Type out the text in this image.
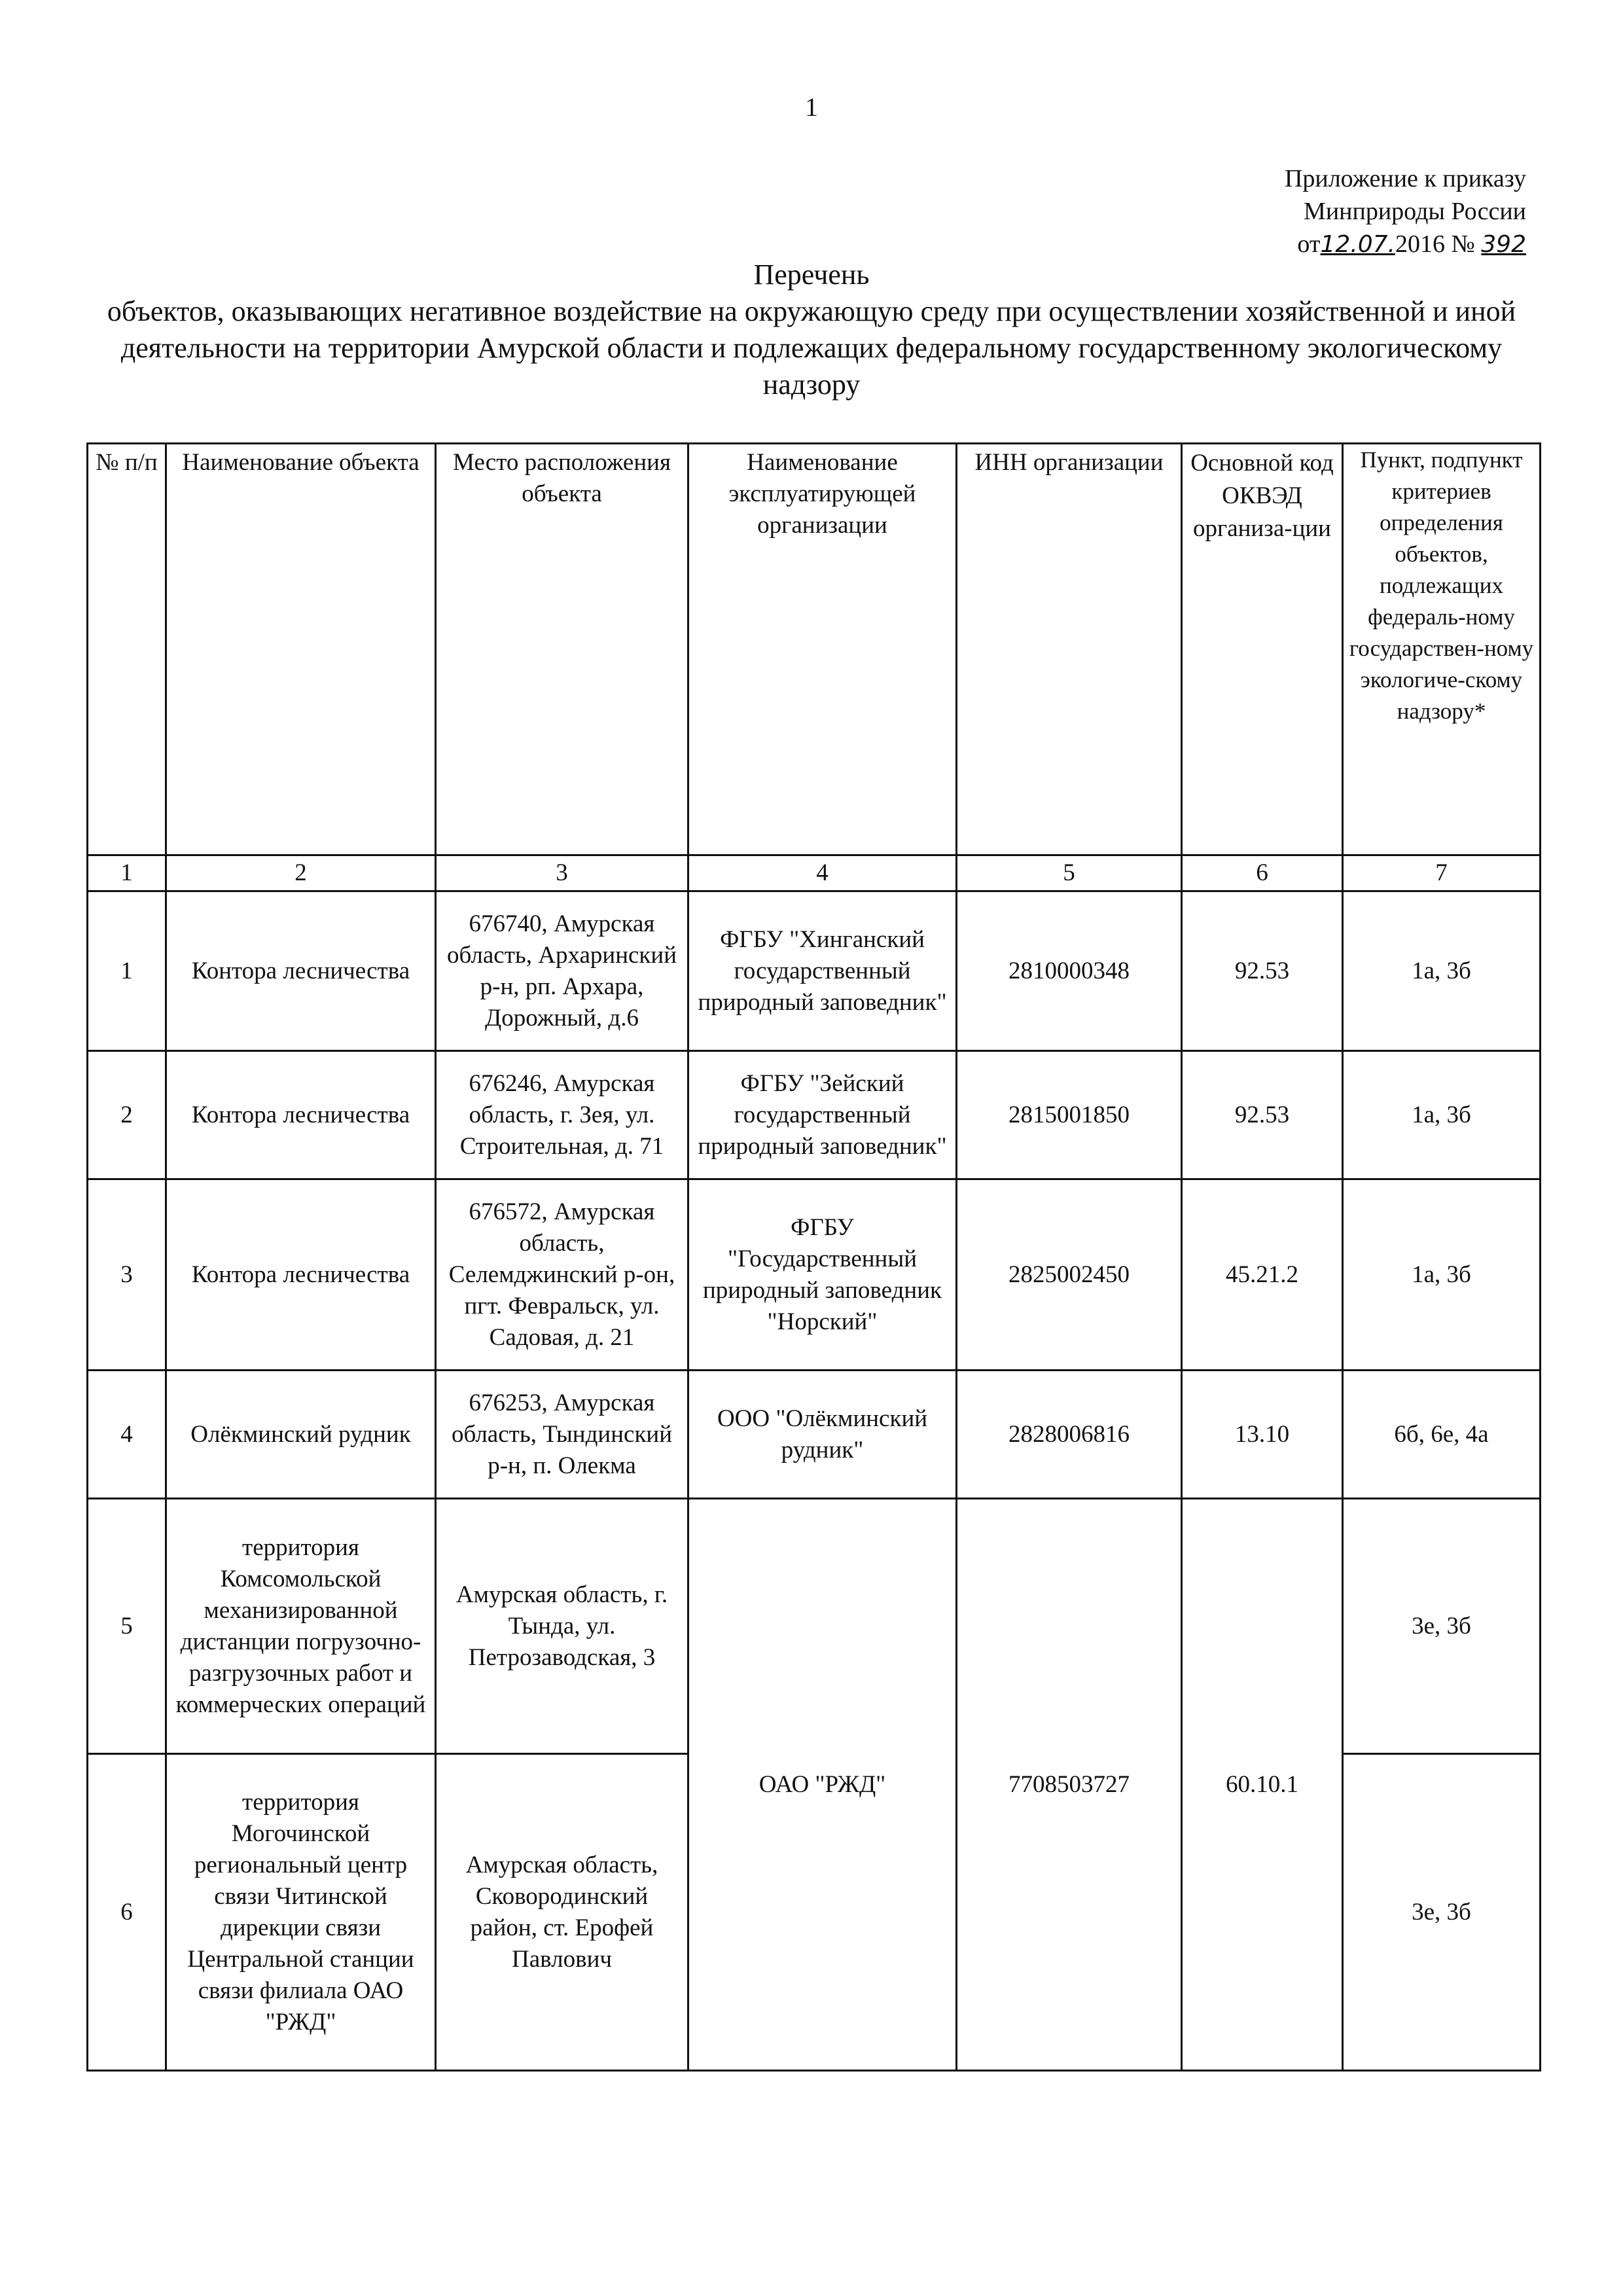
1
Приложение к приказу
Минприроды России
от12.07.2016 № 392
Перечень
объектов, оказывающих негативное воздействие на окружающую среду при осуществлении хозяйственной и иной деятельности на территории Амурской области и подлежащих федеральному государственному экологическому надзору
№ п/п	Наименование объекта	Место расположения объекта	Наименование эксплуатирующей организации	ИНН организации	Основной код ОКВЭД организа-ции	Пункт, подпункт критериев определения объектов, подлежащих федераль-ному государствен-ному экологиче-скому надзору*
1	2	3	4	5	6	7
1	Контора лесничества	676740, Амурская область, Архаринский р-н, рп. Архара, Дорожный, д.6	ФГБУ "Хинганский государственный природный заповедник"	2810000348	92.53	1а, 3б
2	Контора лесничества	676246, Амурская область, г. Зея, ул. Строительная, д. 71	ФГБУ "Зейский государственный природный заповедник"	2815001850	92.53	1а, 3б
3	Контора лесничества	676572, Амурская область, Селемджинский р-он, пгт. Февральск, ул. Садовая, д. 21	ФГБУ "Государственный природный заповедник "Норский"	2825002450	45.21.2	1а, 3б
4	Олёкминский рудник	676253, Амурская область, Тындинский р-н, п. Олекма	ООО "Олёкминский рудник"	2828006816	13.10	6б, 6е, 4а
5	территория Комсомольской механизированной дистанции погрузочно-разгрузочных работ и коммерческих операций	Амурская область, г. Тында, ул. Петрозаводская, 3	ОАО "РЖД"	7708503727	60.10.1	3е, 3б
6	территория Могочинской региональный центр связи Читинской дирекции связи Центральной станции связи филиала ОАО "РЖД"	Амурская область, Сковородинский район, ст. Ерофей Павлович				3е, 3б
